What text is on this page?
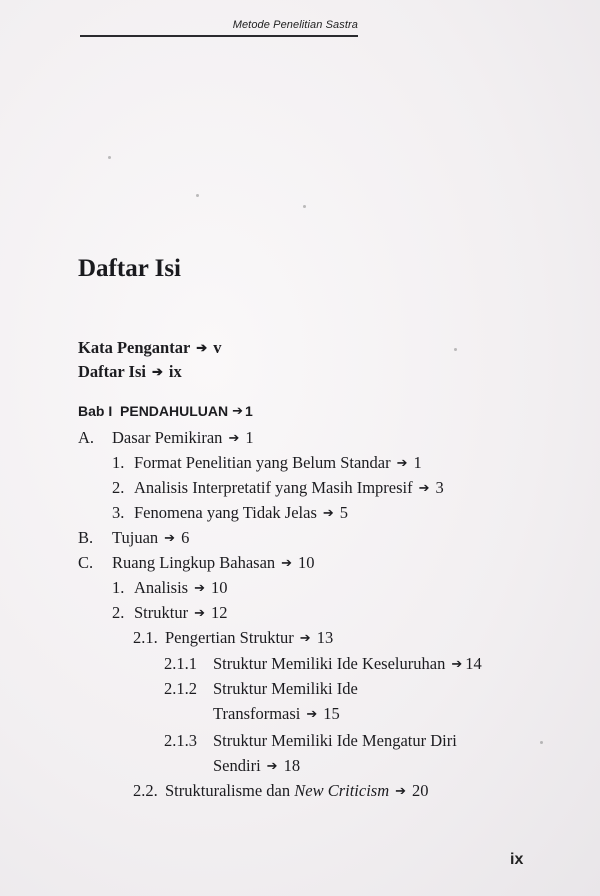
Metode Penelitian Sastra
Daftar Isi
Kata Pengantar ➔ v
Daftar Isi ➔ ix
Bab I PENDAHULUAN ➔ 1
A. Dasar Pemikiran ➔ 1
1. Format Penelitian yang Belum Standar ➔ 1
2. Analisis Interpretatif yang Masih Impresif ➔ 3
3. Fenomena yang Tidak Jelas ➔ 5
B. Tujuan ➔ 6
C. Ruang Lingkup Bahasan ➔ 10
1. Analisis ➔ 10
2. Struktur ➔ 12
2.1. Pengertian Struktur ➔ 13
2.1.1 Struktur Memiliki Ide Keseluruhan ➔ 14
2.1.2 Struktur Memiliki Ide
Transformasi ➔ 15
2.1.3 Struktur Memiliki Ide Mengatur Diri
Sendiri ➔ 18
2.2. Strukturalisme dan New Criticism ➔ 20
ix
